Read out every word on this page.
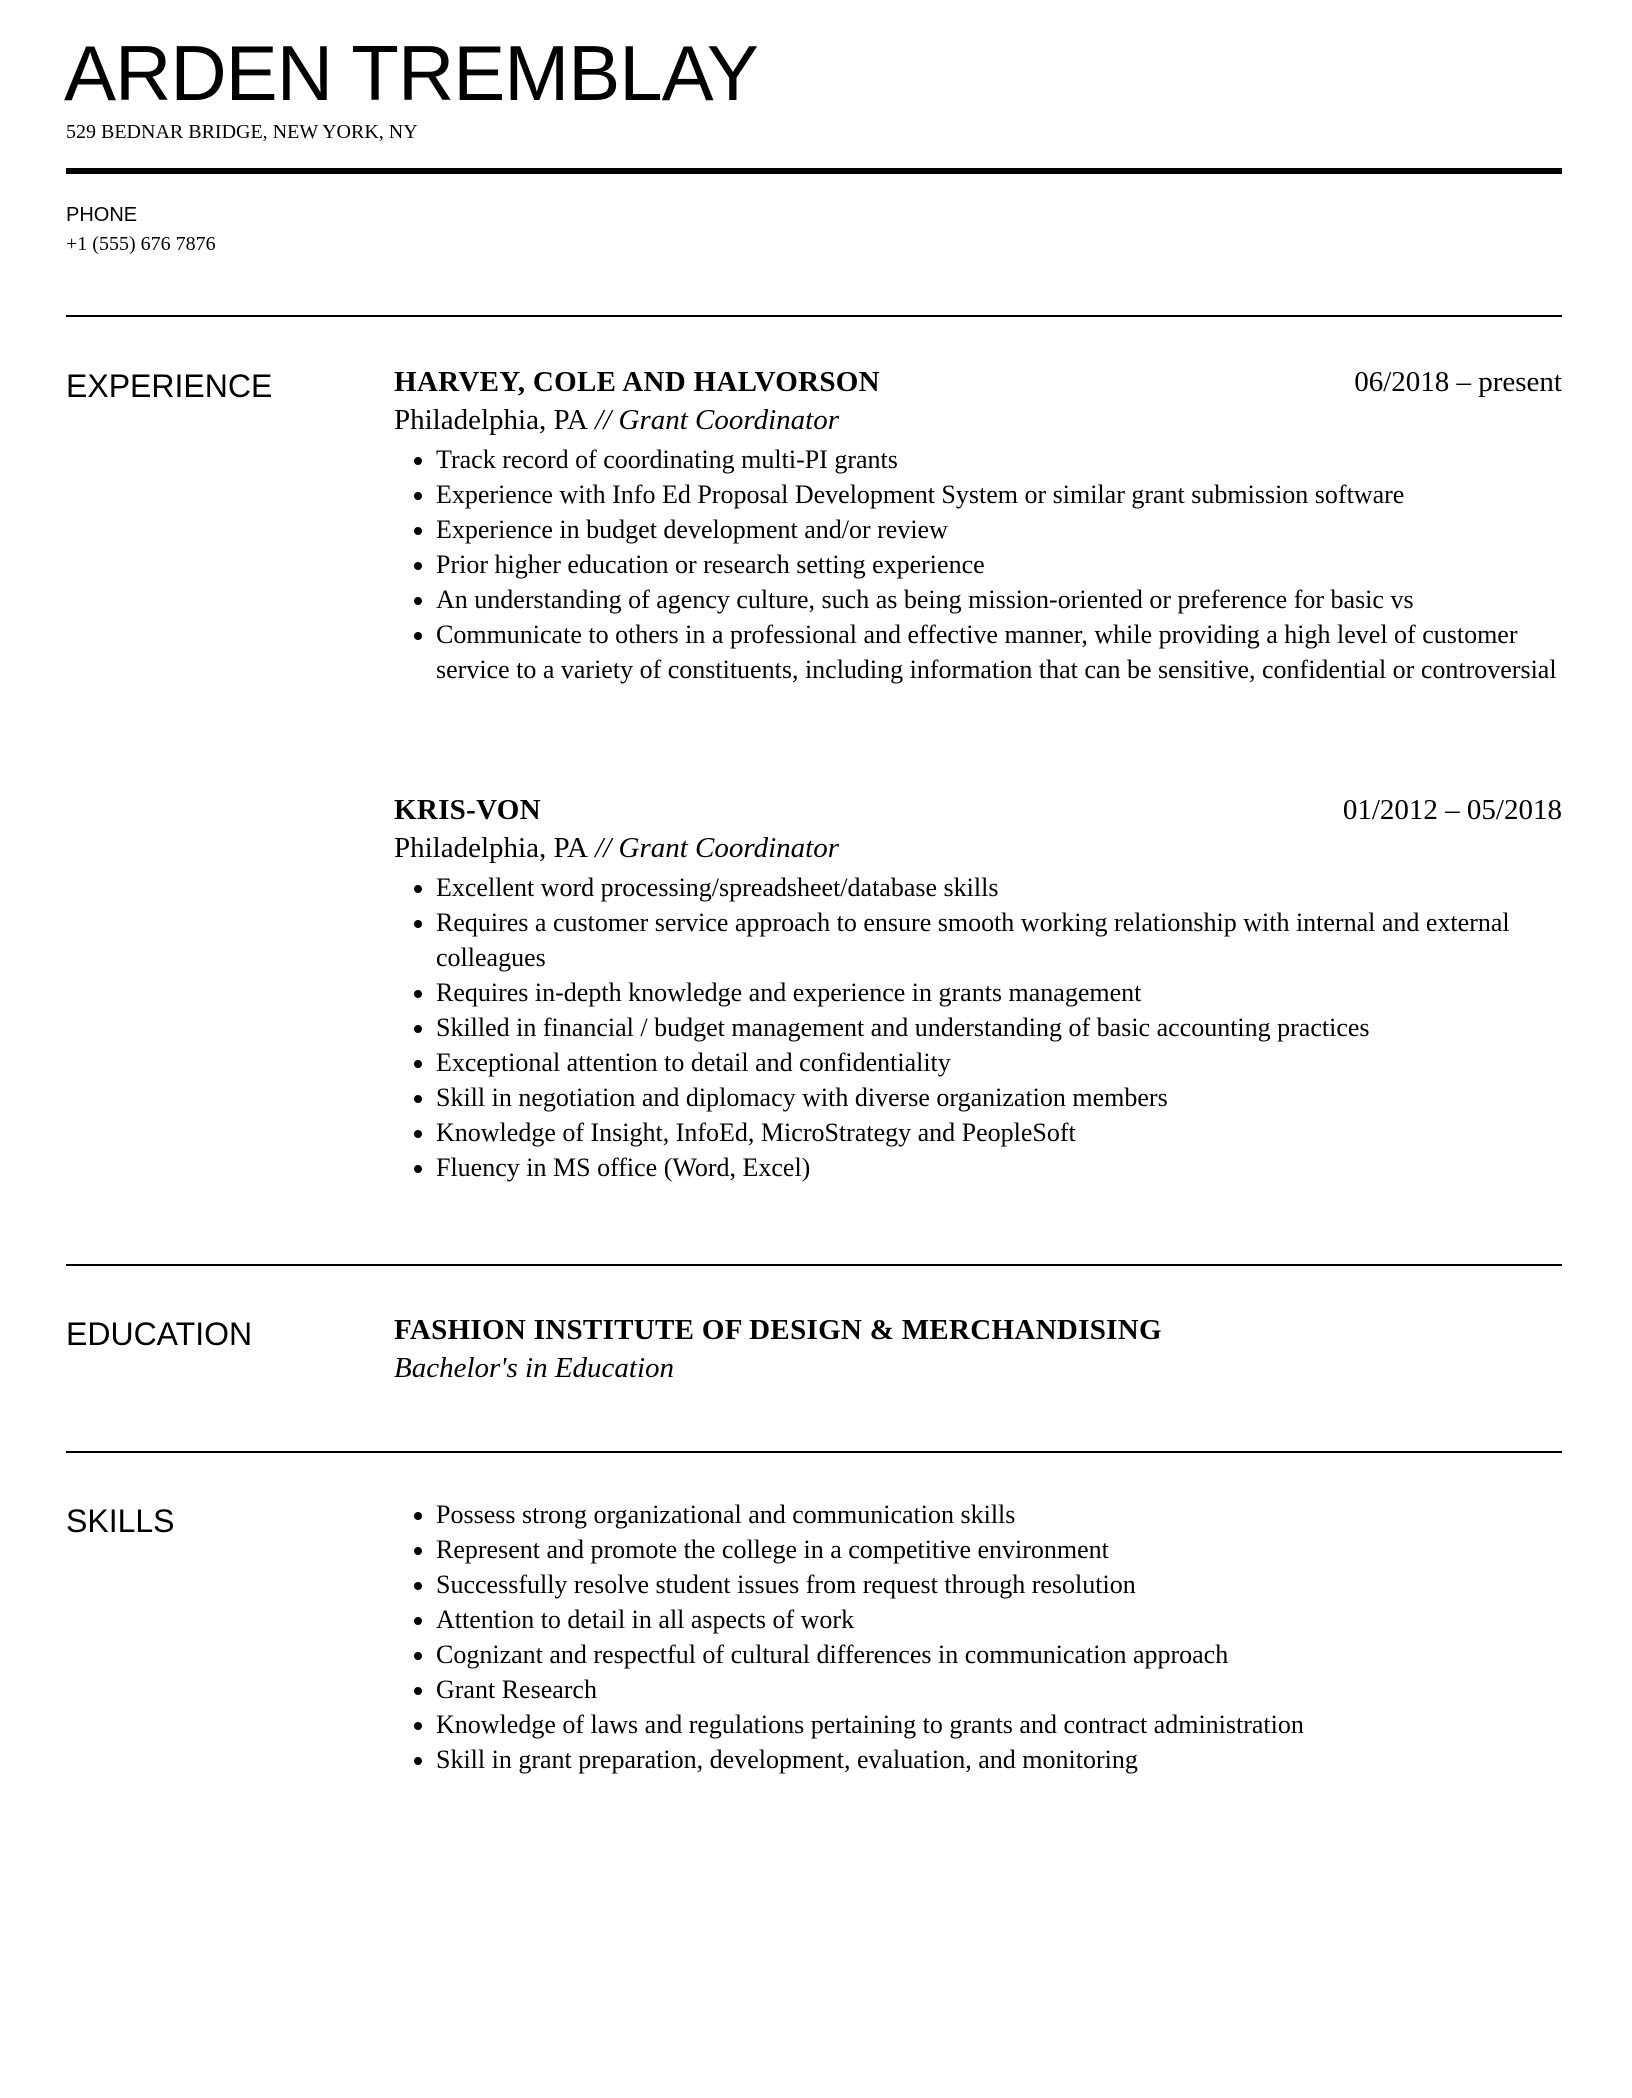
ARDEN TREMBLAY
529 BEDNAR BRIDGE, NEW YORK, NY
PHONE
+1 (555) 676 7876
EXPERIENCE	HARVEY, COLE AND HALVORSON	06/2018 – present
Philadelphia, PA // Grant Coordinator
• Track record of coordinating multi-PI grants
• Experience with Info Ed Proposal Development System or similar grant submission software
• Experience in budget development and/or review
• Prior higher education or research setting experience
• An understanding of agency culture, such as being mission-oriented or preference for basic vs
• Communicate to others in a professional and effective manner, while providing a high level of customer service to a variety of constituents, including information that can be sensitive, confidential or controversial
KRIS-VON	01/2012 – 05/2018
Philadelphia, PA // Grant Coordinator
• Excellent word processing/spreadsheet/database skills
• Requires a customer service approach to ensure smooth working relationship with internal and external colleagues
• Requires in-depth knowledge and experience in grants management
• Skilled in financial / budget management and understanding of basic accounting practices
• Exceptional attention to detail and confidentiality
• Skill in negotiation and diplomacy with diverse organization members
• Knowledge of Insight, InfoEd, MicroStrategy and PeopleSoft
• Fluency in MS office (Word, Excel)
EDUCATION	FASHION INSTITUTE OF DESIGN & MERCHANDISING
Bachelor's in Education
SKILLS
•	Possess strong organizational and communication skills
• Represent and promote the college in a competitive environment
• Successfully resolve student issues from request through resolution
• Attention to detail in all aspects of work
• Cognizant and respectful of cultural differences in communication approach
• Grant Research
• Knowledge of laws and regulations pertaining to grants and contract administration
• Skill in grant preparation, development, evaluation, and monitoring
